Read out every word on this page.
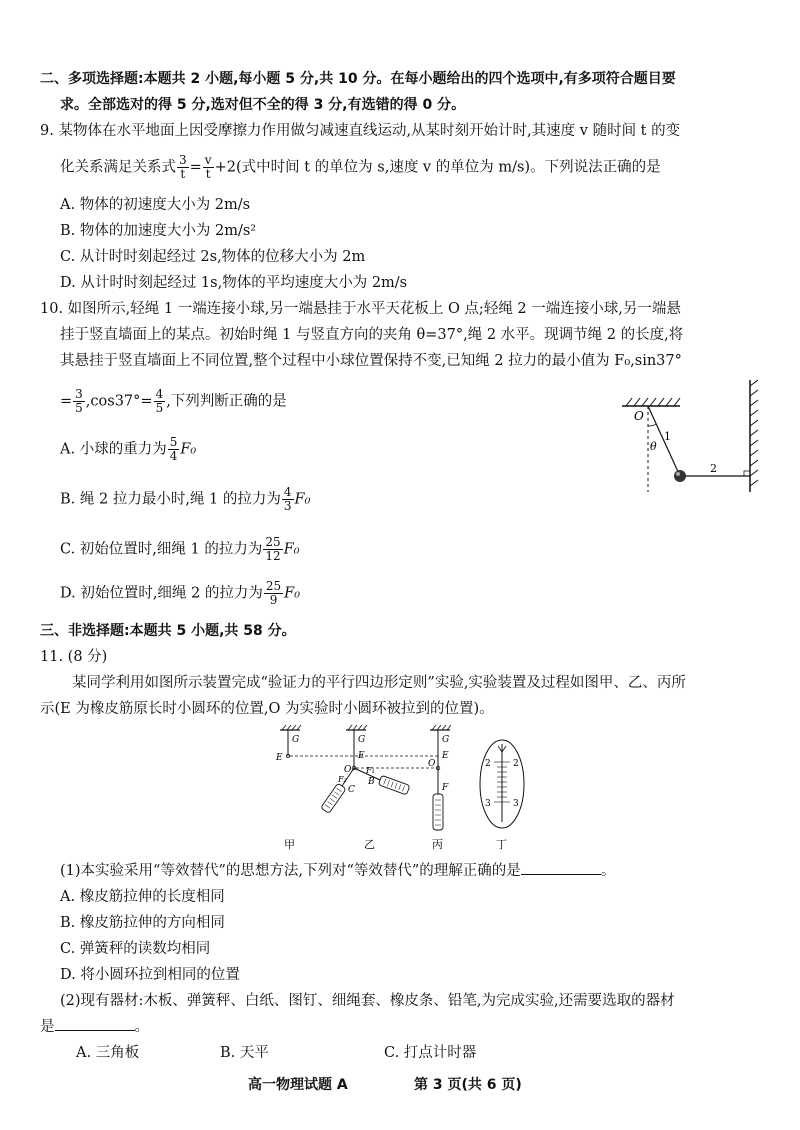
二、多项选择题:本题共 2 小题,每小题 5 分,共 10 分。在每小题给出的四个选项中,有多项符合题目要
求。全部选对的得 5 分,选对但不全的得 3 分,有选错的得 0 分。
9. 某物体在水平地面上因受摩擦力作用做匀减速直线运动,从某时刻开始计时,其速度 v 随时间 t 的变
化关系满足关系式 $\frac{3}{t} = \frac{v}{t} +2$(式中时间 t 的单位为 s,速度 v 的单位为 m/s)。下列说法正确的是
A. 物体的初速度大小为 2m/s
B. 物体的加速度大小为 2m/s²
C. 从计时时刻起经过 2s,物体的位移大小为 2m
D. 从计时时刻起经过 1s,物体的平均速度大小为 2m/s
10. 如图所示,轻绳 1 一端连接小球,另一端悬挂于水平天花板上 O 点;轻绳 2 一端连接小球,另一端悬
挂于竖直墙面上的某点。初始时绳 1 与竖直方向的夹角 θ=37°,绳 2 水平。现调节绳 2 的长度,将
其悬挂于竖直墙面上不同位置,整个过程中小球位置保持不变,已知绳 2 拉力的最小值为 F₀,sin37°
= $\frac{3}{5} ,\cos 37^\circ= \frac{4}{5}$ ,下列判断正确的是
A. 小球的重力为 $\frac{5}{4} F_0$
B. 绳 2 拉力最小时,绳 1 的拉力为 $\frac{4}{3} F_0$
C. 初始位置时,细绳 1 的拉力为 $\frac{25}{12} F_0$
D. 初始位置时,细绳 2 的拉力为 $\frac{25}{9} F_0$
O
1
θ
2
三、非选择题:本题共 5 小题,共 58 分。
11. (8 分)
某同学利用如图所示装置完成“验证力的平行四边形定则”实验,实验装置及过程如图甲、乙、丙所
示(E 为橡皮筋原长时小圆环的位置,O 为实验时小圆环被拉到的位置)。
G
E
G
E
O F₁
F₂ B
C
G
E
O
F
2 2
3 3
甲	乙	丙	丁
(1)本实验采用“等效替代”的思想方法,下列对“等效替代”的理解正确的是	。
A. 橡皮筋拉伸的长度相同
B. 橡皮筋拉伸的方向相同
C. 弹簧秤的读数均相同
D. 将小圆环拉到相同的位置
(2)现有器材:木板、弹簧秤、白纸、图钉、细绳套、橡皮条、铅笔,为完成实验,还需要选取的器材
是	。
A. 三角板	B. 天平	C. 打点计时器
高一物理试题 A	第 3 页(共 6 页)
